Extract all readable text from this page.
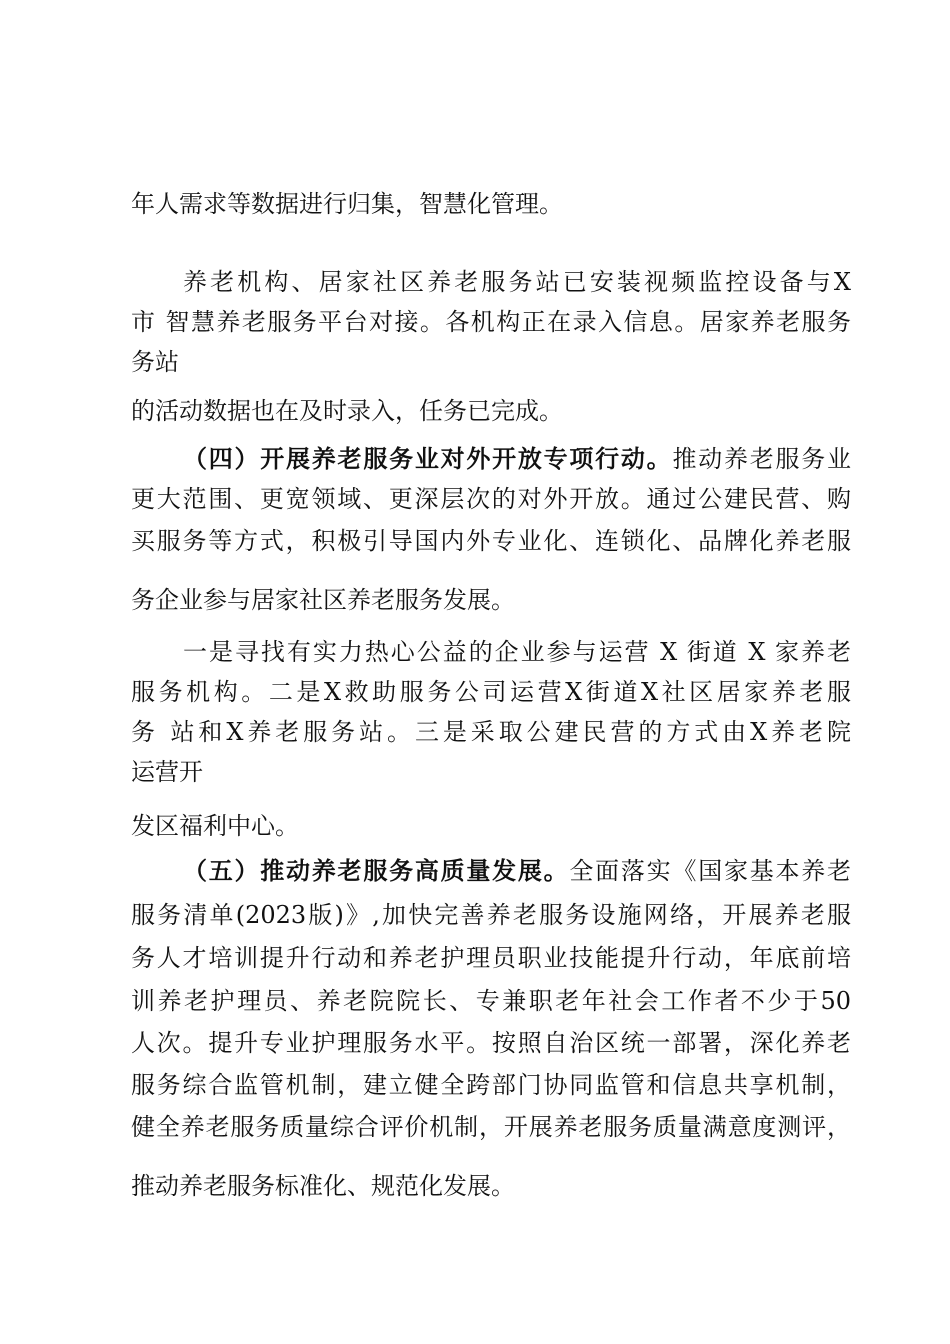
年人需求等数据进行归集，智慧化管理。
养老机构、居家社区养老服务站已安装视频监控设备与X
市 智慧养老服务平台对接。各机构正在录入信息。居家养老服务
务站
的活动数据也在及时录入，任务已完成。
（四）开展养老服务业对外开放专项行动。推动养老服务业
更大范围、更宽领域、更深层次的对外开放。通过公建民营、购
买服务等方式，积极引导国内外专业化、连锁化、品牌化养老服
务企业参与居家社区养老服务发展。
一是寻找有实力热心公益的企业参与运营 X 街道 X 家养老
服务机构。二是X救助服务公司运营X街道X社区居家养老服
务 站和X养老服务站。三是采取公建民营的方式由X养老院
运营开
发区福利中心。
（五）推动养老服务高质量发展。全面落实《国家基本养老
服务清单(2023版)》,加快完善养老服务设施网络，开展养老服
务人才培训提升行动和养老护理员职业技能提升行动，年底前培
训养老护理员、养老院院长、专兼职老年社会工作者不少于50
人次。提升专业护理服务水平。按照自治区统一部署，深化养老
服务综合监管机制，建立健全跨部门协同监管和信息共享机制，
健全养老服务质量综合评价机制，开展养老服务质量满意度测评，
推动养老服务标准化、规范化发展。
